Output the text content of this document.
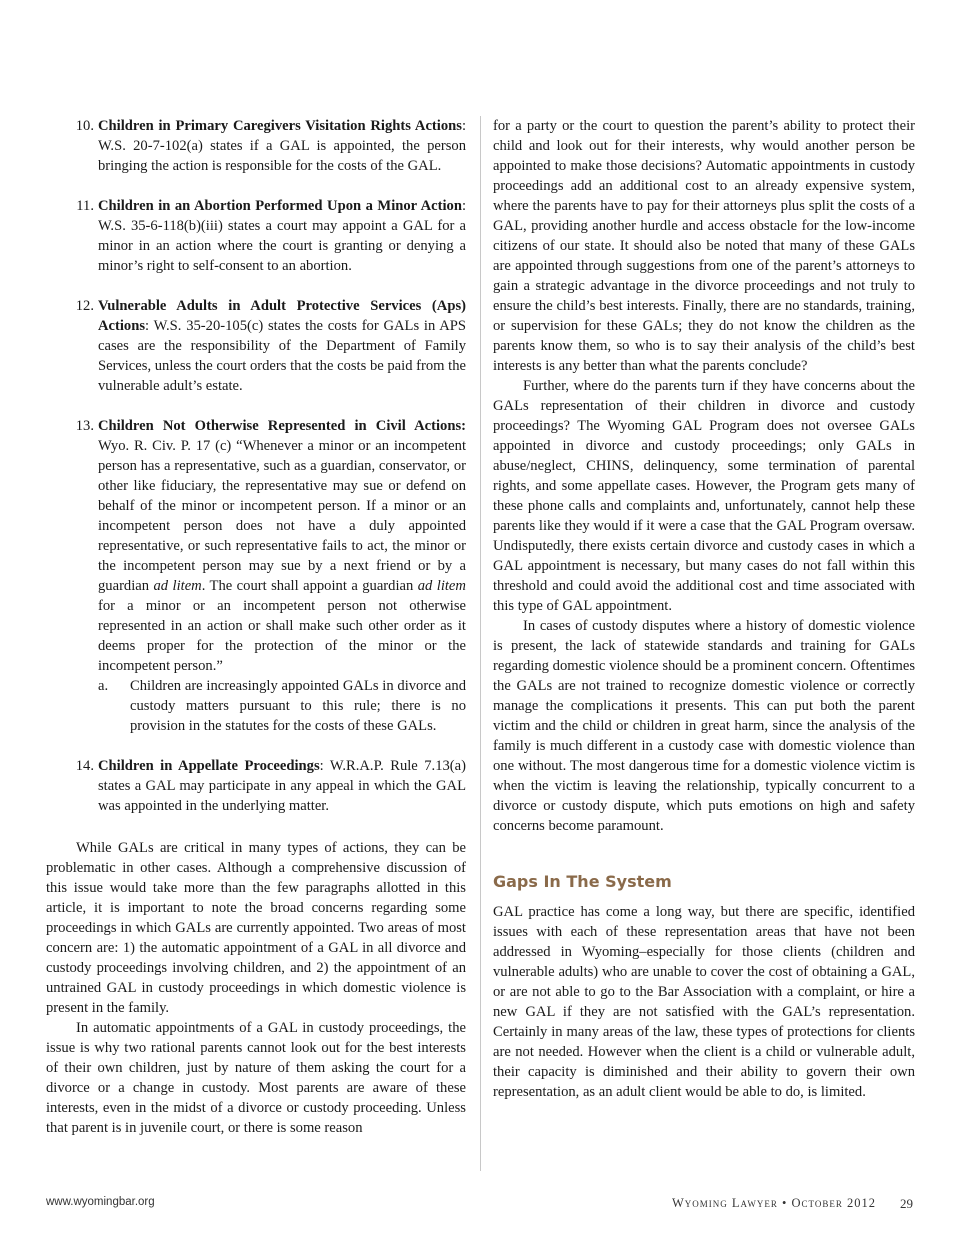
10. Children in Primary Caregivers Visitation Rights Actions: W.S. 20-7-102(a) states if a GAL is appointed, the person bringing the action is responsible for the costs of the GAL.
11. Children in an Abortion Performed Upon a Minor Action: W.S. 35-6-118(b)(iii) states a court may appoint a GAL for a minor in an action where the court is granting or denying a minor’s right to self-consent to an abortion.
12. Vulnerable Adults in Adult Protective Services (Aps) Actions: W.S. 35-20-105(c) states the costs for GALs in APS cases are the responsibility of the Department of Family Services, unless the court orders that the costs be paid from the vulnerable adult’s estate.
13. Children Not Otherwise Represented in Civil Actions: Wyo. R. Civ. P. 17 (c) “Whenever a minor or an incompetent person has a representative, such as a guardian, conservator, or other like fiduciary, the representative may sue or defend on behalf of the minor or incompetent person. If a minor or an incompetent person does not have a duly appointed representative, or such representative fails to act, the minor or the incompetent person may sue by a next friend or by a guardian ad litem. The court shall appoint a guardian ad litem for a minor or an incompetent person not otherwise represented in an action or shall make such other order as it deems proper for the protection of the minor or the incompetent person.”
a. Children are increasingly appointed GALs in divorce and custody matters pursuant to this rule; there is no provision in the statutes for the costs of these GALs.
14. Children in Appellate Proceedings: W.R.A.P. Rule 7.13(a) states a GAL may participate in any appeal in which the GAL was appointed in the underlying matter.

While GALs are critical in many types of actions, they can be problematic in other cases. Although a comprehensive discussion of this issue would take more than the few paragraphs allotted in this article, it is important to note the broad concerns regarding some proceedings in which GALs are currently appointed. Two areas of most concern are: 1) the automatic appointment of a GAL in all divorce and custody proceedings involving children, and 2) the appointment of an untrained GAL in custody proceedings in which domestic violence is present in the family.

In automatic appointments of a GAL in custody proceedings, the issue is why two rational parents cannot look out for the best interests of their own children, just by nature of them asking the court for a divorce or a change in custody. Most parents are aware of these interests, even in the midst of a divorce or custody proceeding. Unless that parent is in juvenile court, or there is some reason

for a party or the court to question the parent’s ability to protect their child and look out for their interests, why would another person be appointed to make those decisions? Automatic appointments in custody proceedings add an additional cost to an already expensive system, where the parents have to pay for their attorneys plus split the costs of a GAL, providing another hurdle and access obstacle for the low-income citizens of our state. It should also be noted that many of these GALs are appointed through suggestions from one of the parent’s attorneys to gain a strategic advantage in the divorce proceedings and not truly to ensure the child’s best interests. Finally, there are no standards, training, or supervision for these GALs; they do not know the children as the parents know them, so who is to say their analysis of the child’s best interests is any better than what the parents conclude?

Further, where do the parents turn if they have concerns about the GALs representation of their children in divorce and custody proceedings? The Wyoming GAL Program does not oversee GALs appointed in divorce and custody proceedings; only GALs in abuse/neglect, CHINS, delinquency, some termination of parental rights, and some appellate cases. However, the Program gets many of these phone calls and complaints and, unfortunately, cannot help these parents like they would if it were a case that the GAL Program oversaw. Undisputedly, there exists certain divorce and custody cases in which a GAL appointment is necessary, but many cases do not fall within this threshold and could avoid the additional cost and time associated with this type of GAL appointment.

In cases of custody disputes where a history of domestic violence is present, the lack of statewide standards and training for GALs regarding domestic violence should be a prominent concern. Oftentimes the GALs are not trained to recognize domestic violence or correctly manage the complications it presents. This can put both the parent victim and the child or children in great harm, since the analysis of the family is much different in a custody case with domestic violence than one without. The most dangerous time for a domestic violence victim is when the victim is leaving the relationship, typically concurrent to a divorce or custody dispute, which puts emotions on high and safety concerns become paramount.

Gaps In The System

GAL practice has come a long way, but there are specific, identified issues with each of these representation areas that have not been addressed in Wyoming–especially for those clients (children and vulnerable adults) who are unable to cover the cost of obtaining a GAL, or are not able to go to the Bar Association with a complaint, or hire a new GAL if they are not satisfied with the GAL’s representation. Certainly in many areas of the law, these types of protections for clients are not needed. However when the client is a child or vulnerable adult, their capacity is diminished and their ability to govern their own representation, as an adult client would be able to do, is limited.

www.wyomingbar.org	Wyoming Lawyer • October 2012 29
